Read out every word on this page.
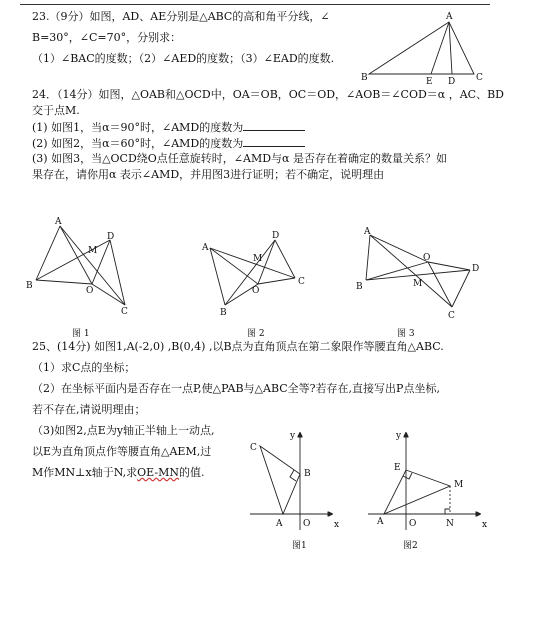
23.（9分）如图，AD、AE分别是△ABC的高和角平分线，∠
B=30°，∠C=70°，分别求：
（1）∠BAC的度数；（2）∠AED的度数；（3）∠EAD的度数.
A
B	E D C
24．（14分）如图，△OAB和△OCD中，OA＝OB，OC＝OD，∠AOB＝∠COD＝α ，AC、BD
交于点M.
(1) 如图1，当α＝90°时，∠AMD的度数为
(2) 如图2，当α＝60°时，∠AMD的度数为
(3) 如图3，当△OCD绕O点任意旋转时，∠AMD与α 是否存在着确定的数量关系？如
果存在，请你用α 表示∠AMD，并用图3进行证明；若不确定，说明理由
A
B
M
D
O
C
A
B
M
D
O
C
A
B
O
M
D
C
图 1	图 2	图 3
25、(14分) 如图1,A(-2,0) ,B(0,4) ,以B点为直角顶点在第二象限作等腰直角△ABC.
（1）求C点的坐标；
（2）在坐标平面内是否存在一点P,使△PAB与△ABC全等?若存在,直接写出P点坐标,
若不存在,请说明理由；
（3)如图2,点E为y轴正半轴上一动点,
以E为直角顶点作等腰直角△AEM,过
M作MN⊥x轴于N,求OE-MN的值.
C
B
A O	x
y
E
M
A	O	N	x
y
图1	图2
